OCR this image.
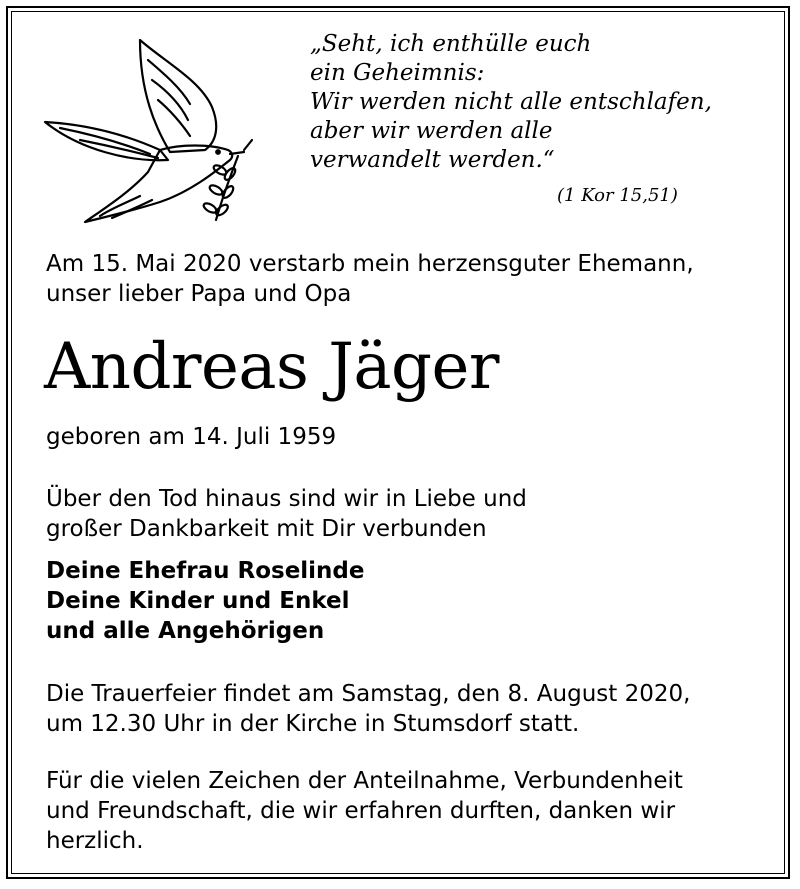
„Seht, ich enthülle euch
ein Geheimnis:
Wir werden nicht alle entschlafen,
aber wir werden alle
verwandelt werden.“
(1 Kor 15,51)
Am 15. Mai 2020 verstarb mein herzensguter Ehemann,
unser lieber Papa und Opa
Andreas Jäger
geboren am 14. Juli 1959
Über den Tod hinaus sind wir in Liebe und
großer Dankbarkeit mit Dir verbunden
Deine Ehefrau Roselinde
Deine Kinder und Enkel
und alle Angehörigen
Die Trauerfeier findet am Samstag, den 8. August 2020,
um 12.30 Uhr in der Kirche in Stumsdorf statt.
Für die vielen Zeichen der Anteilnahme, Verbundenheit
und Freundschaft, die wir erfahren durften, danken wir
herzlich.
